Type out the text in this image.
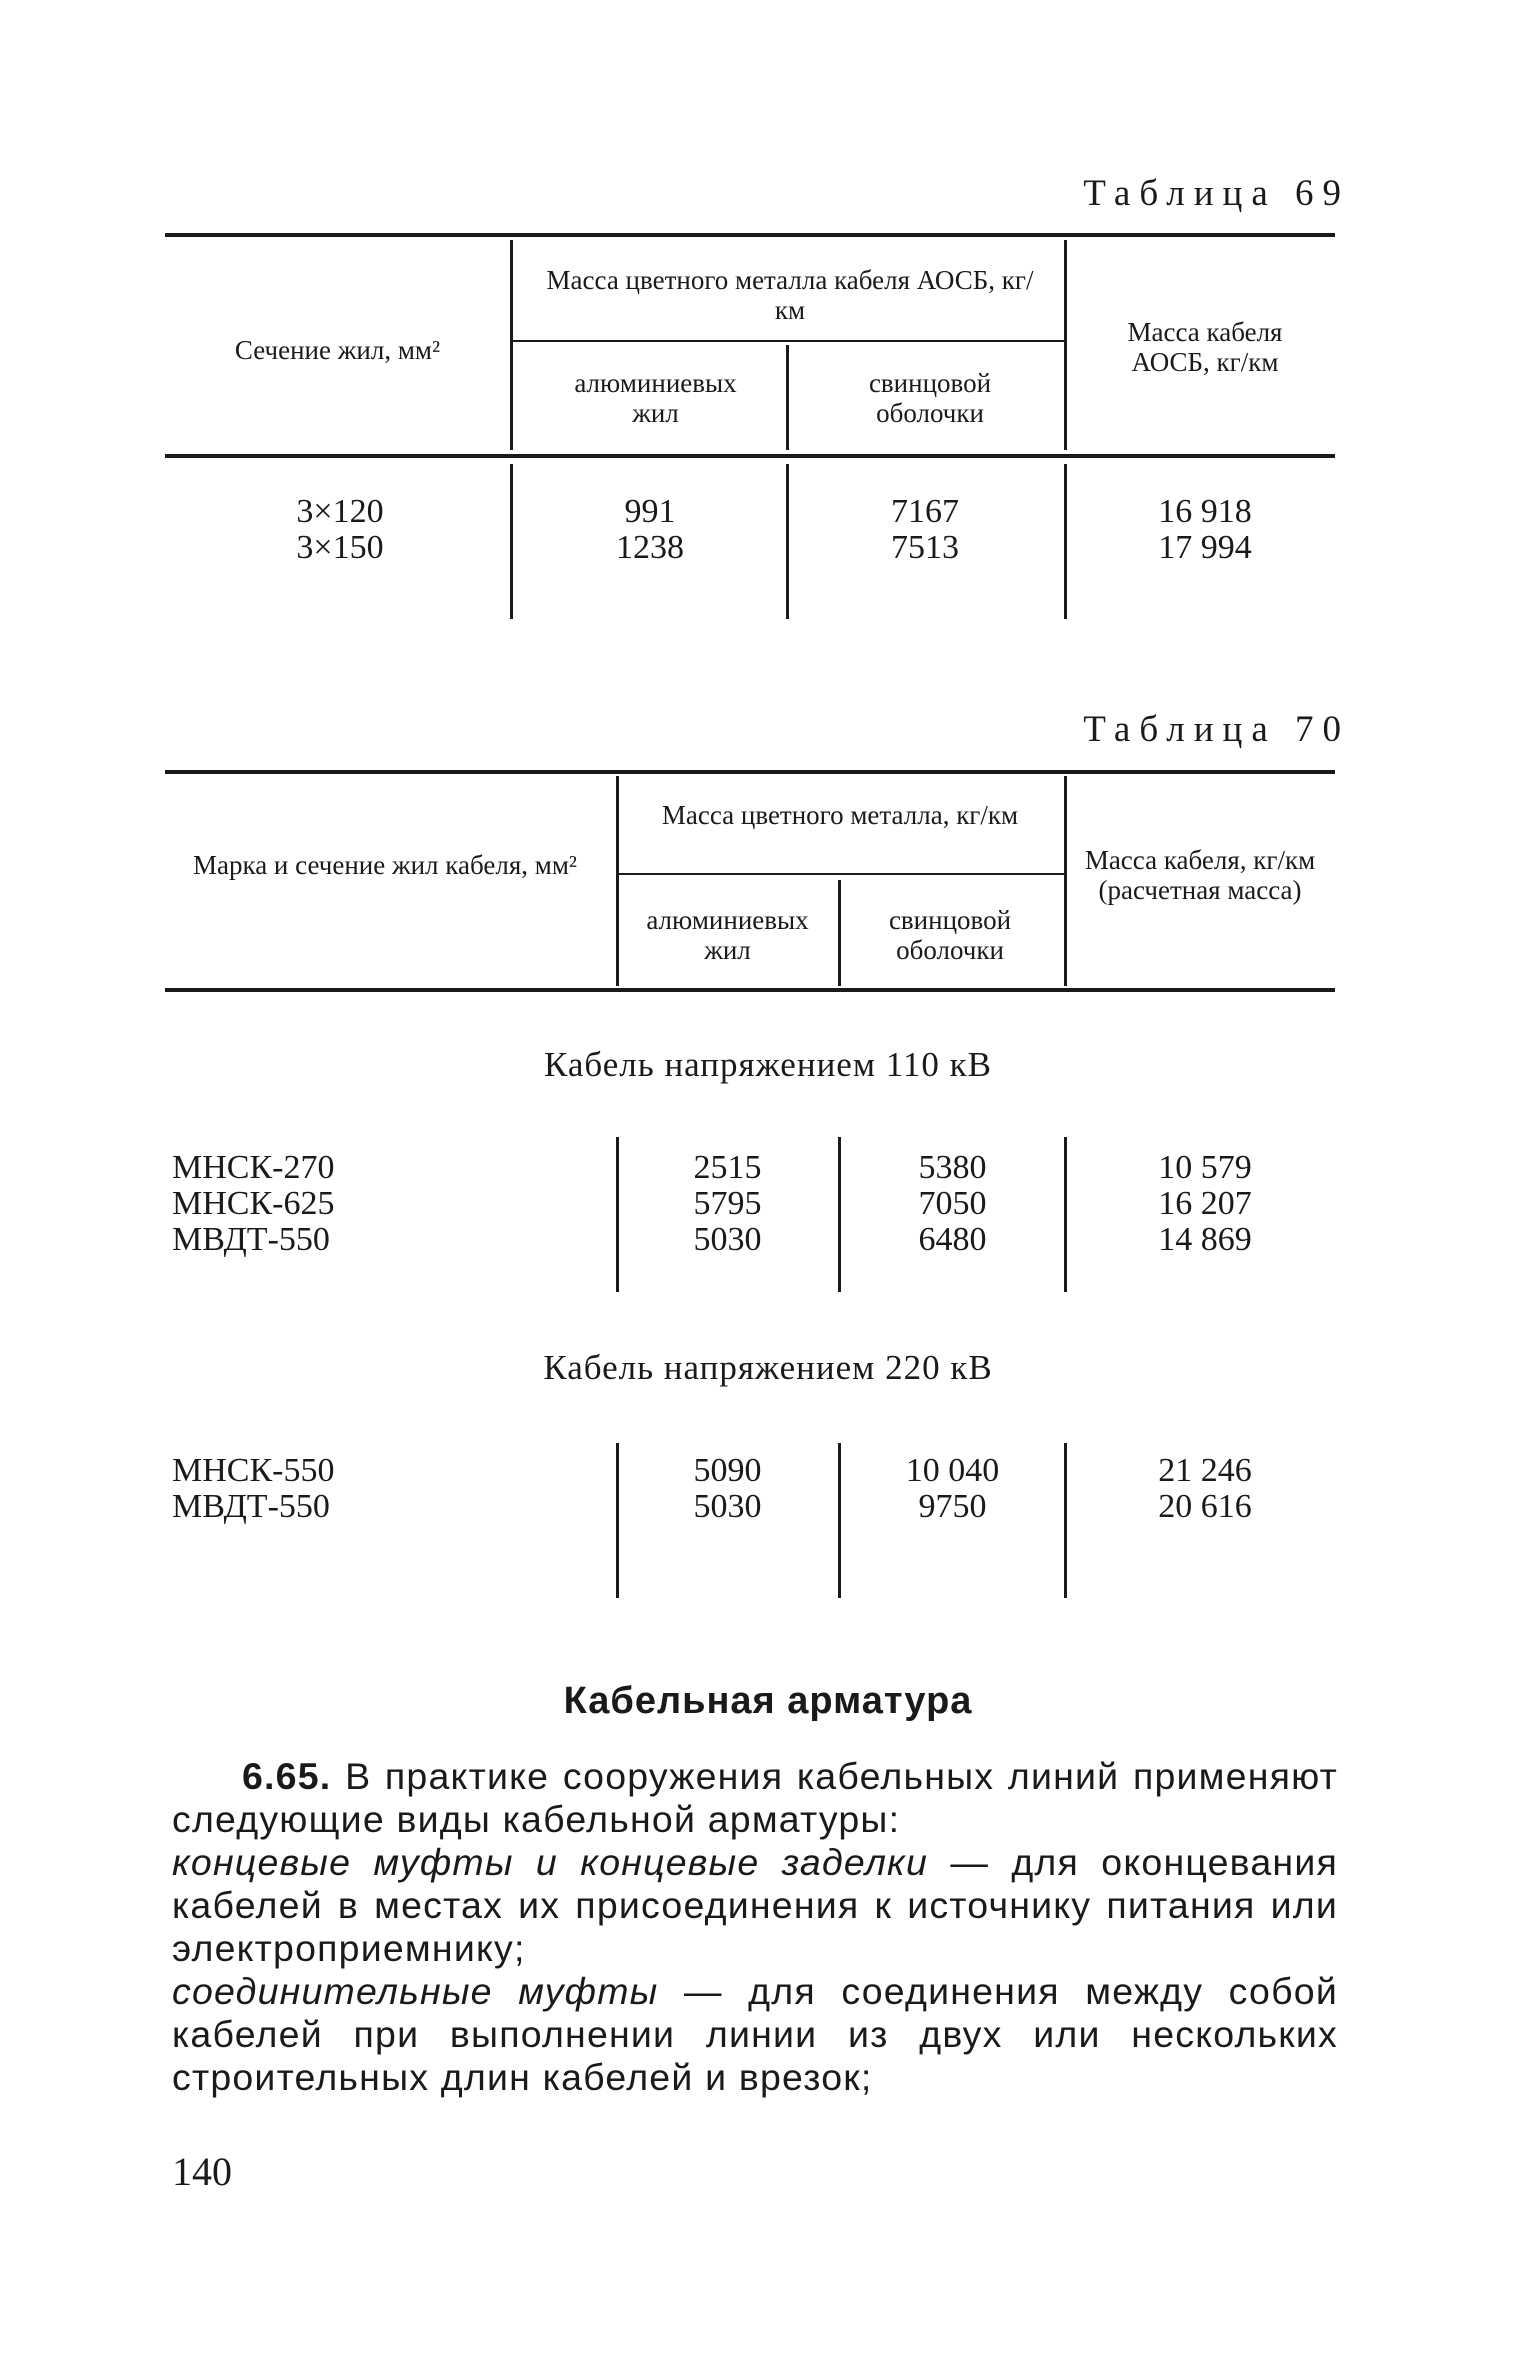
Таблица 69
Сечение жил, мм²
Масса цветного металла кабеля АОСБ, кг/км
алюминиевых жил
свинцовой оболочки
Масса кабеля АОСБ, кг/км
3×120
3×150
991
1238
7167
7513
16 918
17 994
Таблица 70
Марка и сечение жил кабеля, мм²
Масса цветного металла, кг/км
алюминиевых жил
свинцовой оболочки
Масса кабеля, кг/км (расчетная масса)
Кабель напряжением 110 кВ
МНСК-270
МНСК-625
МВДТ-550
2515
5795
5030
5380
7050
6480
10 579
16 207
14 869
Кабель напряжением 220 кВ
МНСК-550
МВДТ-550
5090
5030
10 040
9750
21 246
20 616
Кабельная арматура

6.65. В практике сооружения кабельных линий применяют следующие виды кабельной арматуры:

концевые муфты и концевые заделки — для оконцевания кабелей в местах их присоединения к источнику питания или электроприемнику;

соединительные муфты — для соединения между собой кабелей при выполнении линии из двух или нескольких строительных длин кабелей и врезок;

140
